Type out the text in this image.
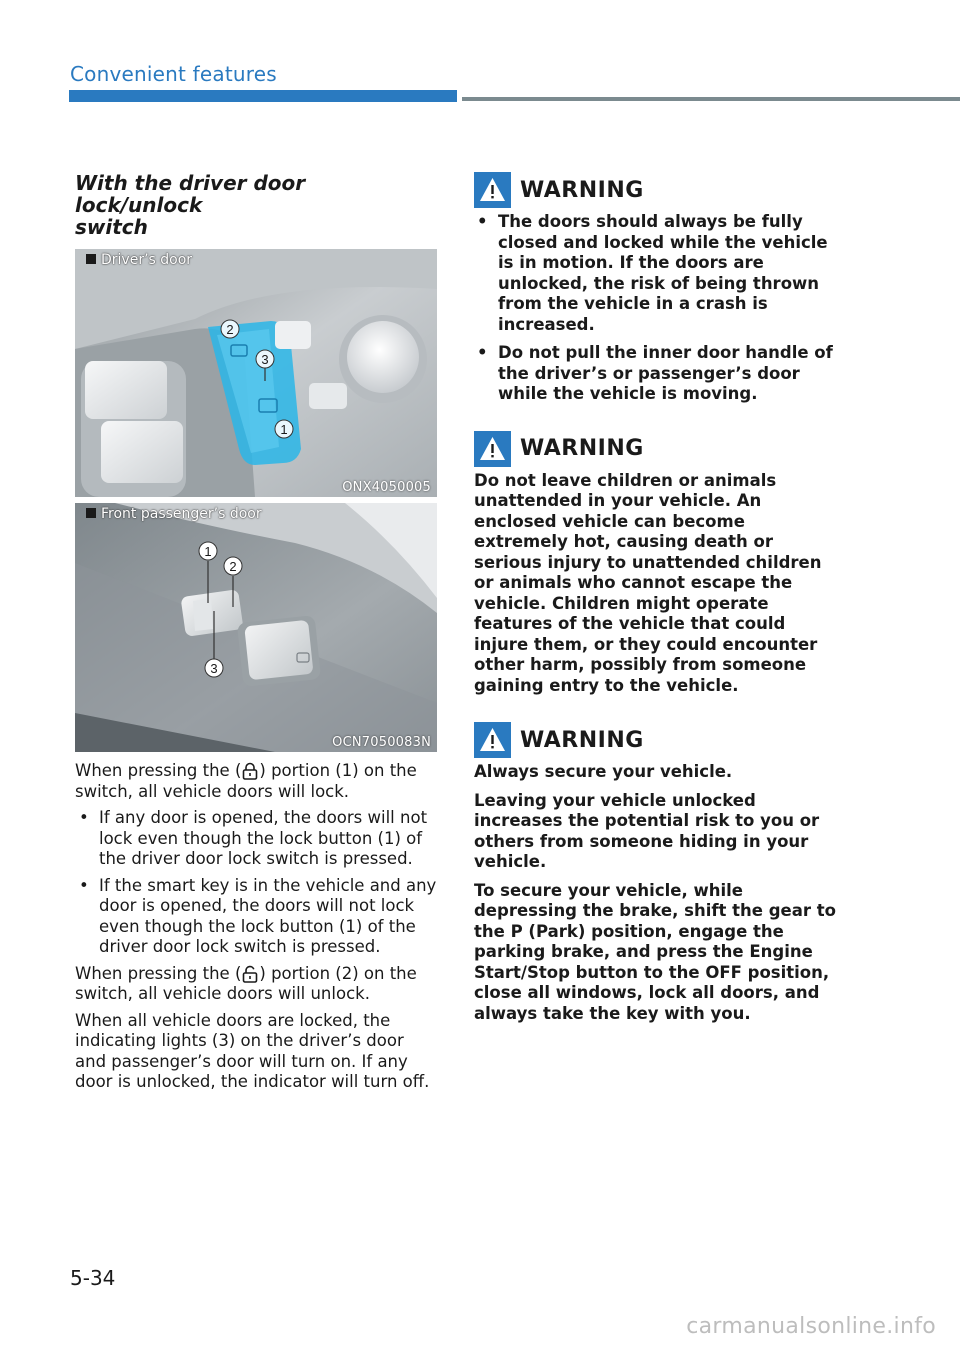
Convenient features
With the driver door lock/unlock
switch
2
3
1
Driver’s door
ONX4050005
1
2
3
Front passenger’s door
OCN7050083N

When pressing the ( ) portion (1) on the switch, all vehicle doors will lock.

• If any door is opened, the doors will not lock even though the lock button (1) of the driver door lock switch is pressed.
• If the smart key is in the vehicle and any door is opened, the doors will not lock even though the lock button (1) of the driver door lock switch is pressed.

When pressing the ( ) portion (2) on the switch, all vehicle doors will unlock.

When all vehicle doors are locked, the indicating lights (3) on the driver’s door and passenger’s door will turn on. If any door is unlocked, the indicator will turn off.

WARNING
• The doors should always be fully closed and locked while the vehicle is in motion. If the doors are unlocked, the risk of being thrown from the vehicle in a crash is increased.
• Do not pull the inner door handle of the driver’s or passenger’s door while the vehicle is moving.
WARNING

Do not leave children or animals unattended in your vehicle. An enclosed vehicle can become extremely hot, causing death or serious injury to unattended children or animals who cannot escape the vehicle. Children might operate features of the vehicle that could injure them, or they could encounter other harm, possibly from someone gaining entry to the vehicle.

WARNING

Always secure your vehicle.

Leaving your vehicle unlocked increases the potential risk to you or others from someone hiding in your vehicle.

To secure your vehicle, while depressing the brake, shift the gear to the P (Park) position, engage the parking brake, and press the Engine Start/Stop button to the OFF position, close all windows, lock all doors, and always take the key with you.

5-34
carmanualsonline.info
